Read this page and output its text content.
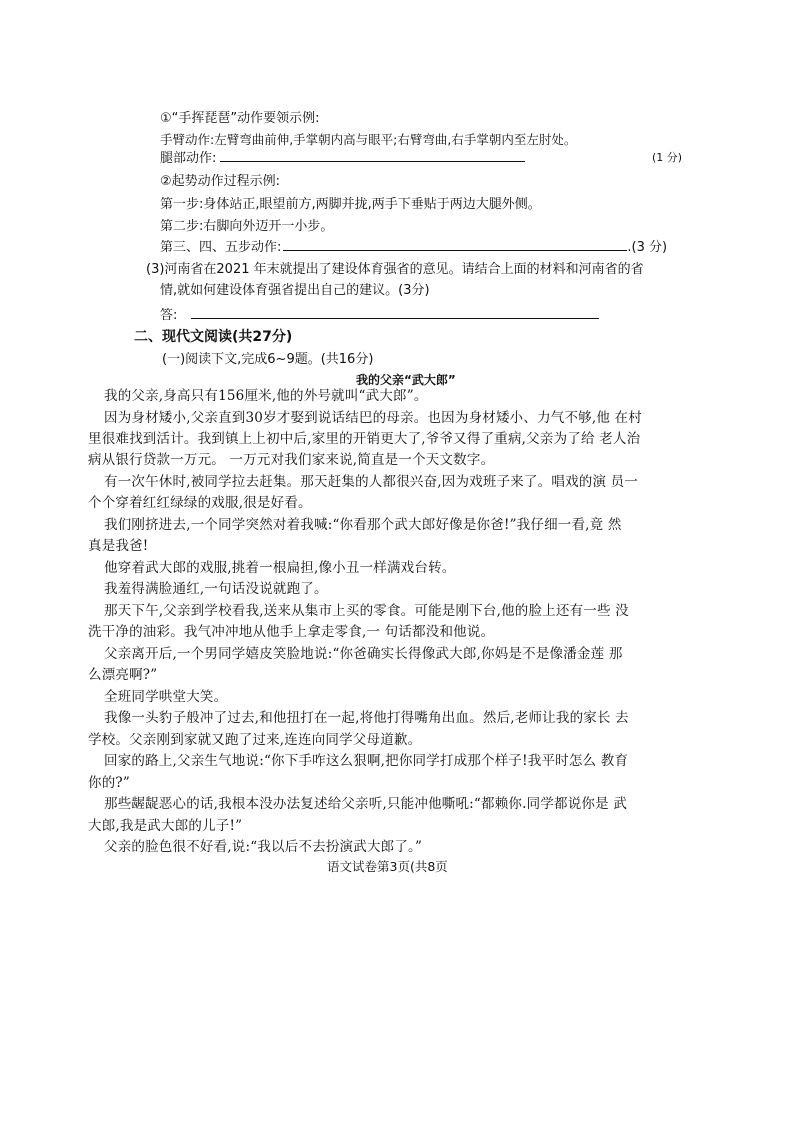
①“手挥琵琶”动作要领示例:
手臂动作:左臂弯曲前伸,手掌朝内高与眼平;右臂弯曲,右手掌朝内至左肘处。
腿部动作:	(1 分)
②起势动作过程示例:
第一步:身体站正,眼望前方,两脚并拢,两手下垂贴于两边大腿外侧。
第二步:右脚向外迈开一小步。
第三、四、五步动作:	.(3 分)
(3)河南省在2021 年末就提出了建设体育强省的意见。请结合上面的材料和河南省的省
情,就如何建设体育强省提出自己的建议。(3分)
答:
二、现代文阅读(共27分)
(一)阅读下文,完成6~9题。(共16分)
我的父亲“武大郎”
我的父亲,身高只有156厘米,他的外号就叫“武大郎”。
因为身材矮小,父亲直到30岁才娶到说话结巴的母亲。也因为身材矮小、力气不够,他 在村
里很难找到活计。我到镇上上初中后,家里的开销更大了,爷爷又得了重病,父亲为了给 老人治
病从银行贷款一万元。 一万元对我们家来说,简直是一个天文数字。
有一次午休时,被同学拉去赶集。那天赶集的人都很兴奋,因为戏班子来了。唱戏的演 员一
个个穿着红红绿绿的戏服,很是好看。
我们刚挤进去,一个同学突然对着我喊:“你看那个武大郎好像是你爸!”我仔细一看,竟 然
真是我爸!
他穿着武大郎的戏服,挑着一根扁担,像小丑一样满戏台转。
我羞得满脸通红,一句话没说就跑了。
那天下午,父亲到学校看我,送来从集市上买的零食。可能是刚下台,他的脸上还有一些 没
洗干净的油彩。我气冲冲地从他手上拿走零食,一 句话都没和他说。
父亲离开后,一个男同学嬉皮笑脸地说:“你爸确实长得像武大郎,你妈是不是像潘金莲 那
么漂亮啊?”
全班同学哄堂大笑。
我像一头豹子般冲了过去,和他扭打在一起,将他打得嘴角出血。然后,老师让我的家长 去
学校。父亲刚到家就又跑了过来,连连向同学父母道歉。
回家的路上,父亲生气地说:“你下手咋这么狠啊,把你同学打成那个样子!我平时怎么 教育
你的?”
那些龌龊恶心的话,我根本没办法复述给父亲听,只能冲他嘶吼:“都赖你.同学都说你是 武
大郎,我是武大郎的儿子!”
父亲的脸色很不好看,说:“我以后不去扮演武大郎了。”
语文试卷第3页(共8页
